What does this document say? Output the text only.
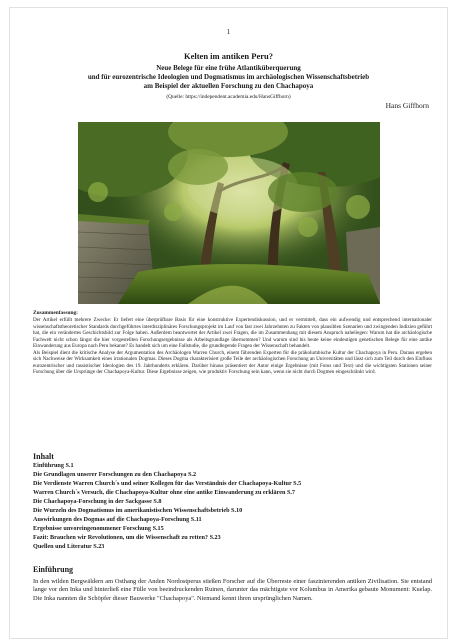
1
Kelten im antiken Peru?
Neue Belege für eine frühe Atlantiküberquerung
und für eurozentrische Ideologien und Dogmatismus im archäologischen Wissenschaftsbetrieb
am Beispiel der aktuellen Forschung zu den Chachapoya
(Quelle: https://independent.academia.edu/HansGiffhorn)
Hans Giffhorn
Zusammenfassung:

Der Artikel erfüllt mehrere Zwecke: Er liefert eine überprüfbare Basis für eine konstruktive Expertendiskussion, und er vermittelt, dass ein aufwendig und entsprechend internationaler wissenschaftstheoretischer Standards durchgeführtes interdisziplinäres Forschungsprojekt im Lauf von fast zwei Jahrzehnten zu Fakten von plausiblen Szenarien und zwingenden Indizien geführt hat, die ein verändertes Geschichtsbild zur Folge haben. Außerdem beantwortet der Artikel zwei Fragen, die im Zusammenhang mit diesem Anspruch naheliegen: Warum hat die archäologische Fachwelt nicht schon längst die hier vorgestellten Forschungsergebnisse als Arbeitsgrundlage übernommen? Und warum sind bis heute keine eindeutigen genetischen Belege für eine antike Einwanderung aus Europa nach Peru bekannt? Es handelt sich um eine Fallstudie, die grundlegende Fragen der Wissenschaft behandelt.

Als Beispiel dient die kritische Analyse der Argumentation des Archäologen Warren Church, einem führenden Experten für die präkolumbische Kultur der Chachapoya in Peru. Daraus ergeben sich Nachweise der Wirksamkeit eines irrationalen Dogmas. Dieses Dogma charakterisiert große Teile der archäologischen Forschung an Universitäten und lässt sich zum Teil durch den Einfluss eurozentrischer und rassistischer Ideologien des 19. Jahrhunderts erklären. Darüber hinaus präsentiert der Autor einige Ergebnisse (mit Fotos und Text) und die wichtigsten Stationen seiner Forschung über die Ursprünge der Chachapoya-Kultur. Diese Ergebnisse zeigen, wie produktiv Forschung sein kann, wenn sie nicht durch Dogmen eingeschränkt wird.

Inhalt
Einführung S.1
Die Grundlagen unserer Forschungen zu den Chachapoya S.2
Die Verdienste Warren Church´s und seiner Kollegen für das Verständnis der Chachapoya-Kultur S.5
Warren Church´s Versuch, die Chachapoya-Kultur ohne eine antike Einwanderung zu erklären S.7
Die Chachapoya-Forschung in der Sackgasse S.8
Die Wurzeln des Dogmatismus im amerikanistischen Wissenschaftsbetrieb S.10
Auswirkungen des Dogmas auf die Chachapoya-Forschung S.11
Ergebnisse unvoreingenommener Forschung S.15
Fazit: Brauchen wir Revolutionen, um die Wissenschaft zu retten? S.23
Quellen und Literatur S.23
Einführung
In den wilden Bergwäldern am Osthang der Anden Nordostperus stießen Forscher auf die Überreste einer faszinierenden antiken Zivilisation. Sie entstand lange vor den Inka und hinterließ eine Fülle von beeindruckenden Ruinen, darunter das mächtigste vor Kolumbus in Amerika gebaute Monument: Kuelap. Die Inka nannten die Schöpfer dieser Bauwerke "Chachapoya". Niemand kennt ihren ursprünglichen Namen.
